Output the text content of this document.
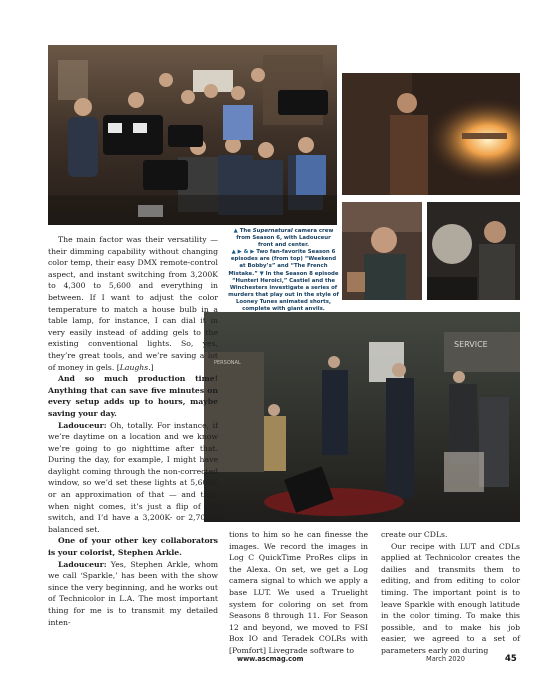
SERVICE
PERSONAL

▲ The Supernatural camera crew from Season 6, with Ladouceur front and center.

▲ ▶ & ▶ Two fan-favorite Season 6 episodes are (from top) “Weekend at Bobby’s” and “The French Mistake.” ▼ In the Season 8 episode “Hunteri Heroici,” Castiel and the Winchesters investigate a series of murders that play out in the style of Looney Tunes animated shorts, complete with giant anvils.

The main factor was their versatility — their dimming capability without changing color temp, their easy DMX remote-control aspect, and instant switching from 3,200K to 4,300 to 5,600 and everything in between. If I want to adjust the color temperature to match a house bulb in a table lamp, for instance, I can dial it in very easily instead of adding gels to the existing conventional lights. So, yes, they’re great tools, and we’re saving a lot of money in gels. [Laughs.]

And so much production time! Anything that can save five minutes on every setup adds up to hours, maybe saving your day.

Ladouceur: Oh, totally. For instance, if we’re daytime on a location and we know we’re going to go nighttime after that. During the day, for example, I might have daylight coming through the non-corrected window, so we’d set these lights at 5,600K or an approximation of that — and then when night comes, it’s just a flip of the switch, and I’d have a 3,200K- or 2,700K-balanced set.

One of your other key collaborators is your colorist, Stephen Arkle.

Ladouceur: Yes, Stephen Arkle, whom we call ‘Sparkle,’ has been with the show since the very beginning, and he works out of Technicolor in L.A. The most important thing for me is to transmit my detailed inten-

tions to him so he can finesse the images. We record the images in Log C QuickTime ProRes clips in the Alexa. On set, we get a Log camera signal to which we apply a base LUT. We used a Truelight system for coloring on set from Seasons 8 through 11. For Season 12 and beyond, we moved to FSI Box IO and Teradek COLRs with [Pomfort] Livegrade software to

create our CDLs.

Our recipe with LUT and CDLs applied at Technicolor creates the dailies and transmits them to editing, and from editing to color timing. The important point is to leave Sparkle with enough latitude in the color timing. To make this possible, and to make his job easier, we agreed to a set of parameters early on during

www.ascmag.com	March 2020	45
